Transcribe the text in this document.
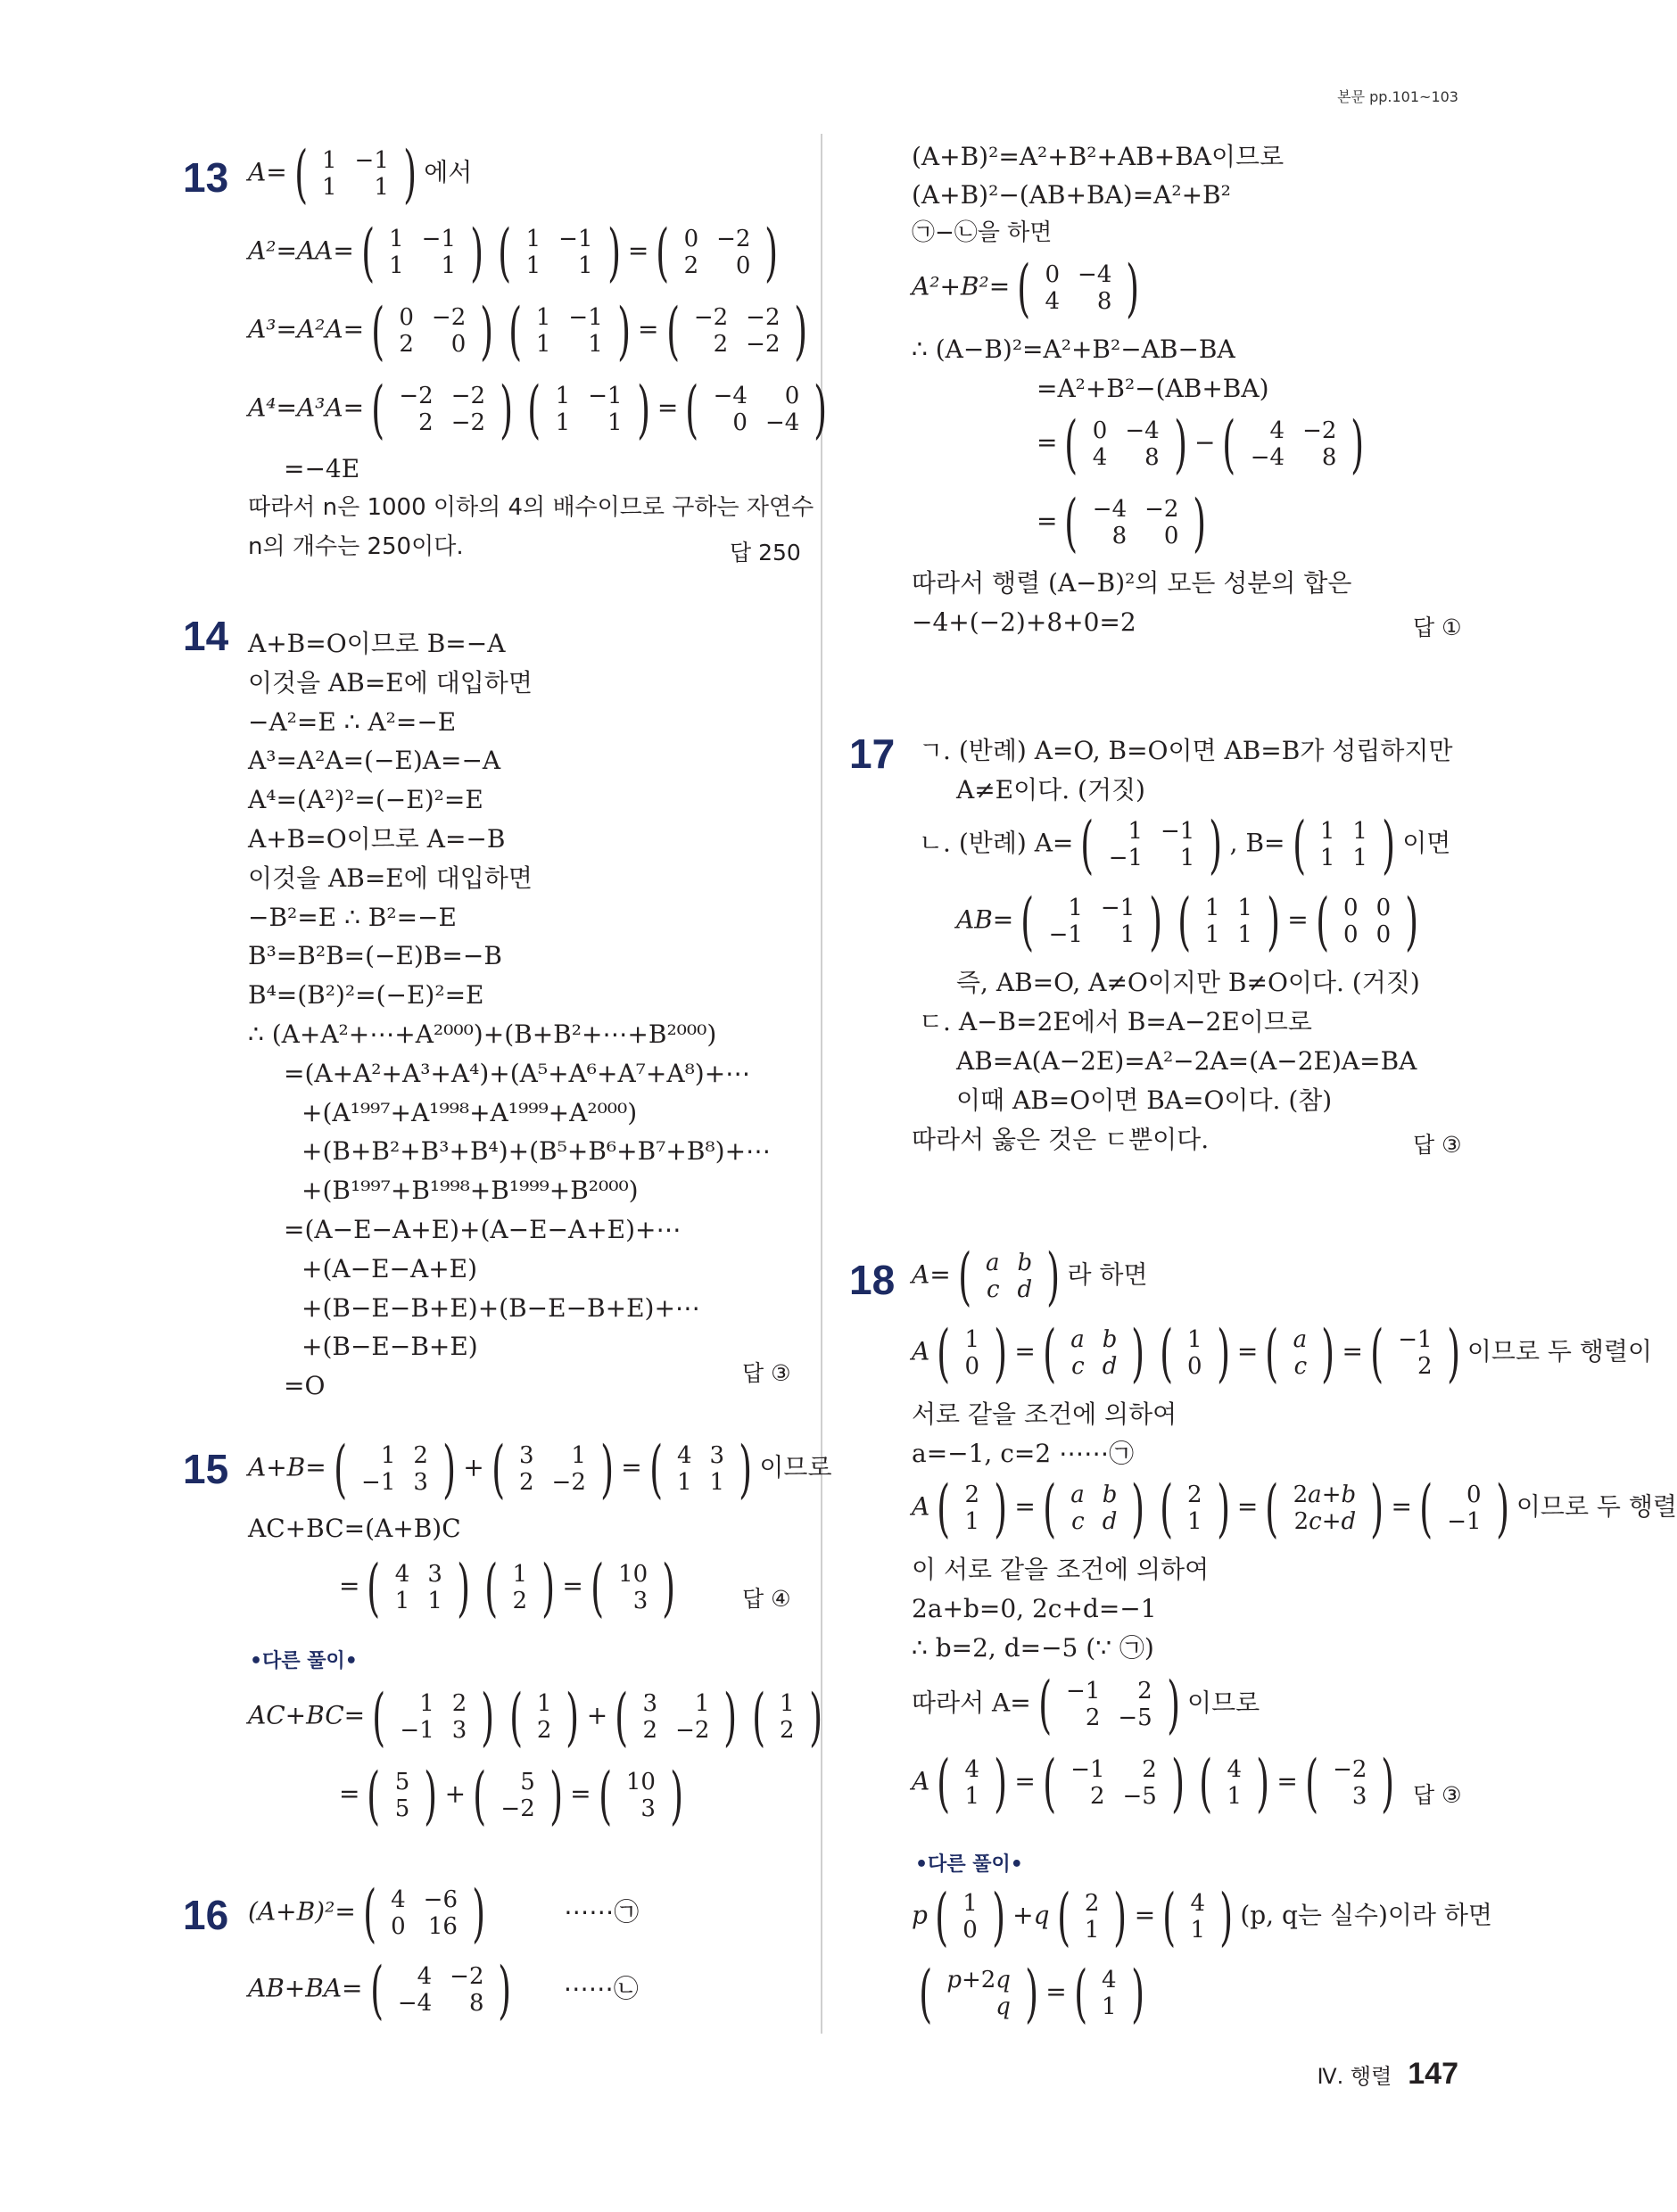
본문 pp.101~103
13 A= ( 1	−1
1	1 ) 에서
A²=AA= ( 1	−1
1	1 ) ( 1	−1
1	1 ) = ( 0	−2
2	0 )
A³=A²A= ( 0	−2
2	0 ) ( 1	−1
1	1 ) = ( −2	−2
2	−2 )
A⁴=A³A= ( −2	−2
2	−2 ) ( 1	−1
1	1 ) = ( −4	0
0	−4 )
=−4E
따라서 n은 1000 이하의 4의 배수이므로 구하는 자연수
n의 개수는 250이다.	답 250
14 A+B=O이므로 B=−A
이것을 AB=E에 대입하면
−A²=E ∴ A²=−E
A³=A²A=(−E)A=−A
A⁴=(A²)²=(−E)²=E
A+B=O이므로 A=−B
이것을 AB=E에 대입하면
−B²=E ∴ B²=−E
B³=B²B=(−E)B=−B
B⁴=(B²)²=(−E)²=E
∴ (A+A²+⋯+A²⁰⁰⁰)+(B+B²+⋯+B²⁰⁰⁰)
=(A+A²+A³+A⁴)+(A⁵+A⁶+A⁷+A⁸)+⋯
+(A¹⁹⁹⁷+A¹⁹⁹⁸+A¹⁹⁹⁹+A²⁰⁰⁰)
+(B+B²+B³+B⁴)+(B⁵+B⁶+B⁷+B⁸)+⋯
+(B¹⁹⁹⁷+B¹⁹⁹⁸+B¹⁹⁹⁹+B²⁰⁰⁰)
=(A−E−A+E)+(A−E−A+E)+⋯
+(A−E−A+E)
+(B−E−B+E)+(B−E−B+E)+⋯
+(B−E−B+E)
=O	답 ③
15 A+B= ( 1	2
−1	3 ) + ( 3	1
2	−2 ) = ( 4	3
1	1 ) 이므로
AC+BC=(A+B)C
= ( 4	3
1	1 ) ( 1
2 ) = ( 10
3 )	답 ④
•다른 풀이•
AC+BC= ( 1	2
−1	3 ) ( 1
2 ) + ( 3	1
2	−2 ) ( 1
2 )
= ( 5
5 ) + ( 5
−2 ) = ( 10
3 )
16 (A+B)²= ( 4	−6
0	16 )	⋯⋯㉠
AB+BA= ( 4	−2
−4	8 ) ⋯⋯㉡
(A+B)²=A²+B²+AB+BA이므로
(A+B)²−(AB+BA)=A²+B²
㉠−㉡을 하면
A²+B²= ( 0	−4
4	8 )
∴ (A−B)²=A²+B²−AB−BA
=A²+B²−(AB+BA)
= ( 0	−4
4	8 ) − ( 4	−2
−4	8 )
= ( −4	−2
8	0 )
따라서 행렬 (A−B)²의 모든 성분의 합은
−4+(−2)+8+0=2	답 ①
17 ㄱ. (반례) A=O, B=O이면 AB=B가 성립하지만
A≠E이다. (거짓)
ㄴ. (반례) A= ( 1	−1
−1	1 ) , B= ( 1	1
1	1 ) 이면
AB= ( 1	−1
−1	1 ) ( 1	1
1	1 ) = ( 0	0
0	0 )
즉, AB=O, A≠O이지만 B≠O이다. (거짓)
ㄷ. A−B=2E에서 B=A−2E이므로
AB=A(A−2E)=A²−2A=(A−2E)A=BA
이때 AB=O이면 BA=O이다. (참)
따라서 옳은 것은 ㄷ뿐이다.	답 ③
18 A= ( a	b
c	d ) 라 하면
A ( 1
0 ) = ( a	b
c	d ) ( 1
0 ) = ( a
c ) = ( −1
2 ) 이므로 두 행렬이
서로 같을 조건에 의하여
a=−1, c=2 ⋯⋯㉠
A ( 2
1 ) = ( a	b
c	d ) ( 2
1 ) = ( 2a+b
2c+d ) = ( 0
−1 ) 이므로 두 행렬
이 서로 같을 조건에 의하여
2a+b=0, 2c+d=−1
∴ b=2, d=−5 (∵ ㉠)
따라서 A= ( −1	2
2	−5 ) 이므로
A ( 4
1 ) = ( −1	2
2	−5 ) ( 4
1 ) = ( −2
3 ) 답 ③
•다른 풀이•
p ( 1
0 ) +q ( 2
1 ) = ( 4
1 ) (p, q는 실수)이라 하면
( p+2q
q ) = ( 4
1 )
Ⅳ. 행렬 147
